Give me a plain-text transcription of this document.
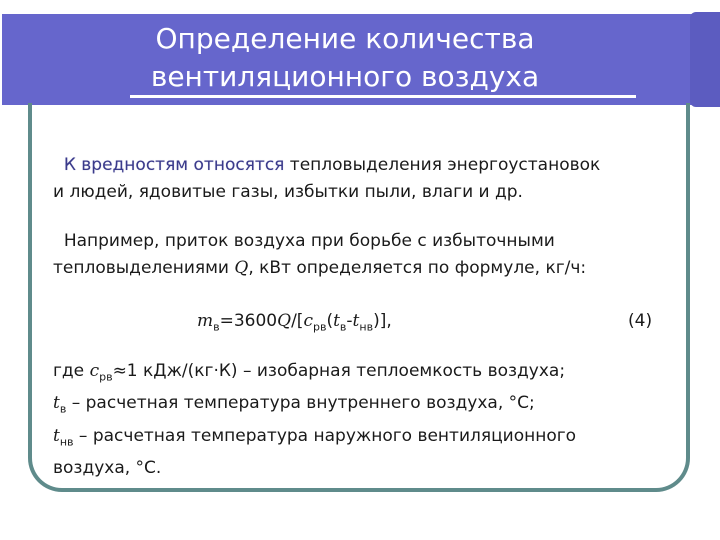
Определение количества
вентиляционного воздуха
К вредностям относятся тепловыделения энергоустановок
и людей, ядовитые газы, избытки пыли, влаги и др.
Например, приток воздуха при борьбе с избыточными
тепловыделениями Q, кВт определяется по формуле, кг/ч:
$m_в=3600Q/[c_{рв}(t_в-t_{нв})]$,	(4)
где $c_{рв}\approx 1$ кДж/(кг·К) – изобарная теплоемкость воздуха;
$t_в$ – расчетная температура внутреннего воздуха, °С;
$t_{нв}$ – расчетная температура наружного вентиляционного
воздуха, °С.
